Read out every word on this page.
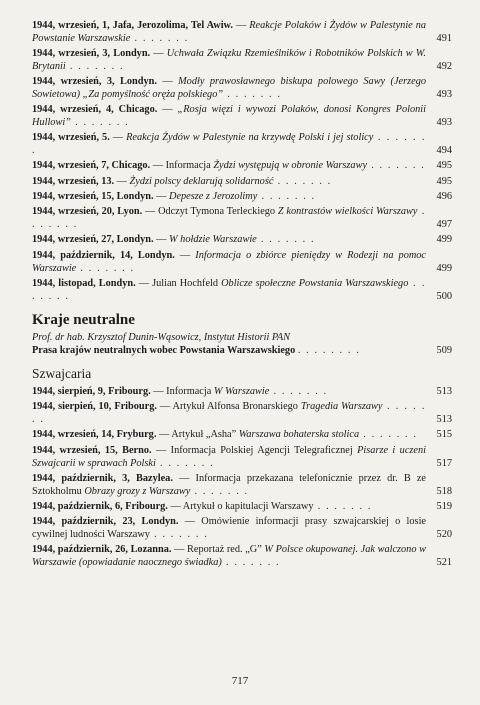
1944, wrzesień, 1, Jafa, Jerozolima, Tel Awiw. — Reakcje Polaków i Żydów w Palestynie na Powstanie Warszawskie . . . . . . .	491
1944, wrzesień, 3, Londyn. — Uchwała Związku Rzemieślników i Robotników Polskich w W. Brytanii . . . . . . .	492
1944, wrzesień, 3, Londyn. — Modły prawosławnego biskupa polowego Sawy (Jerzego Sowietowa) „Za pomyślność oręża polskiego” . . . . . . .	493
1944, wrzesień, 4, Chicago. — „Rosja więzi i wywozi Polaków, donosi Kongres Polonii Hullowi” . . . . . . .	493
1944, wrzesień, 5. — Reakcja Żydów w Palestynie na krzywdę Polski i jej stolicy . . . . . . .	494
1944, wrzesień, 7, Chicago. — Informacja Żydzi występują w obronie Warszawy . . . . . . .	495
1944, wrzesień, 13. — Żydzi polscy deklarują solidarność . . . . . . .	495
1944, wrzesień, 15, Londyn. — Depesze z Jerozolimy . . . . . . .	496
1944, wrzesień, 20, Lyon. — Odczyt Tymona Terleckiego Z kontrastów wielkości Warszawy . . . . . . .	497
1944, wrzesień, 27, Londyn. — W hołdzie Warszawie . . . . . . .	499
1944, październik, 14, Londyn. — Informacja o zbiórce pieniędzy w Rodezji na pomoc Warszawie . . . . . . .	499
1944, listopad, Londyn. — Julian Hochfeld Oblicze społeczne Powstania Warszawskiego . . . . . . .	500
Kraje neutralne
Prof. dr hab. Krzysztof Dunin-Wąsowicz, Instytut Historii PAN
Prasa krajów neutralnych wobec Powstania Warszawskiego . . . . . . . .	509
Szwajcaria
1944, sierpień, 9, Fribourg. — Informacja W Warszawie . . . . . . .	513
1944, sierpień, 10, Fribourg. — Artykuł Alfonsa Bronarskiego Tragedia Warszawy . . . . . . .	513
1944, wrzesień, 14, Fryburg. — Artykuł „Asha” Warszawa bohaterska stolica . . . . . . .	515
1944, wrzesień, 15, Berno. — Informacja Polskiej Agencji Telegraficznej Pisarze i uczeni Szwajcarii w sprawach Polski . . . . . . .	517
1944, październik, 3, Bazylea. — Informacja przekazana telefonicznie przez dr. B ze Sztokholmu Obrazy grozy z Warszawy . . . . . . .	518
1944, październik, 6, Fribourg. — Artykuł o kapitulacji Warszawy . . . . . . .	519
1944, październik, 23, Londyn. — Omówienie informacji prasy szwajcarskiej o losie cywilnej ludności Warszawy . . . . . . .	520
1944, październik, 26, Lozanna. — Reportaż red. „G” W Polsce okupowanej. Jak walczono w Warszawie (opowiadanie naocznego świadka) . . . . . . .	521
717
